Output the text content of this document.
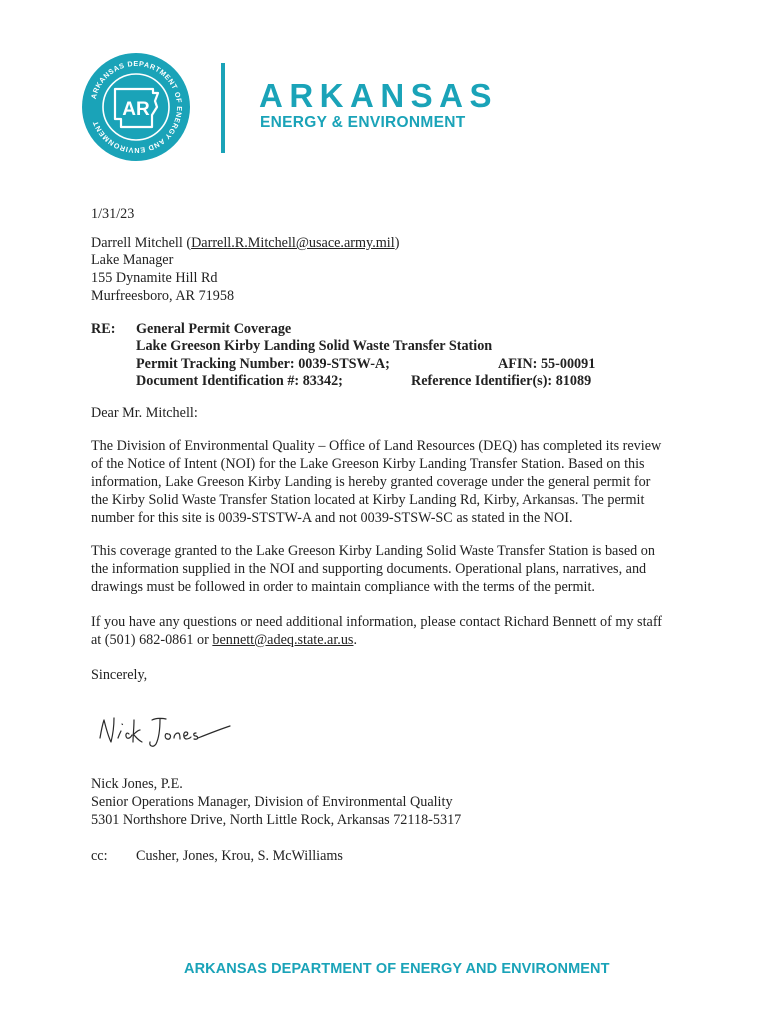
ARKANSAS DEPARTMENT OF ENERGY AND ENVIRONMENT
AR	ARKANSAS
ENERGY & ENVIRONMENT
1/31/23
Darrell Mitchell (Darrell.R.Mitchell@usace.army.mil)
Lake Manager
155 Dynamite Hill Rd
Murfreesboro, AR 71958
RE: General Permit Coverage
Lake Greeson Kirby Landing Solid Waste Transfer Station
Permit Tracking Number: 0039-STSW-A;	AFIN: 55-00091
Document Identification #: 83342;	Reference Identifier(s): 81089
Dear Mr. Mitchell:
The Division of Environmental Quality – Office of Land Resources (DEQ) has completed its review
of the Notice of Intent (NOI) for the Lake Greeson Kirby Landing Transfer Station. Based on this
information, Lake Greeson Kirby Landing is hereby granted coverage under the general permit for
the Kirby Solid Waste Transfer Station located at Kirby Landing Rd, Kirby, Arkansas. The permit
number for this site is 0039-STSTW-A and not 0039-STSW-SC as stated in the NOI.
This coverage granted to the Lake Greeson Kirby Landing Solid Waste Transfer Station is based on
the information supplied in the NOI and supporting documents. Operational plans, narratives, and
drawings must be followed in order to maintain compliance with the terms of the permit.
If you have any questions or need additional information, please contact Richard Bennett of my staff
at (501) 682-0861 or bennett@adeq.state.ar.us.
Sincerely,
Nick Jones, P.E.
Senior Operations Manager, Division of Environmental Quality
5301 Northshore Drive, North Little Rock, Arkansas 72118-5317
cc: Cusher, Jones, Krou, S. McWilliams
ARKANSAS DEPARTMENT OF ENERGY AND ENVIRONMENT
